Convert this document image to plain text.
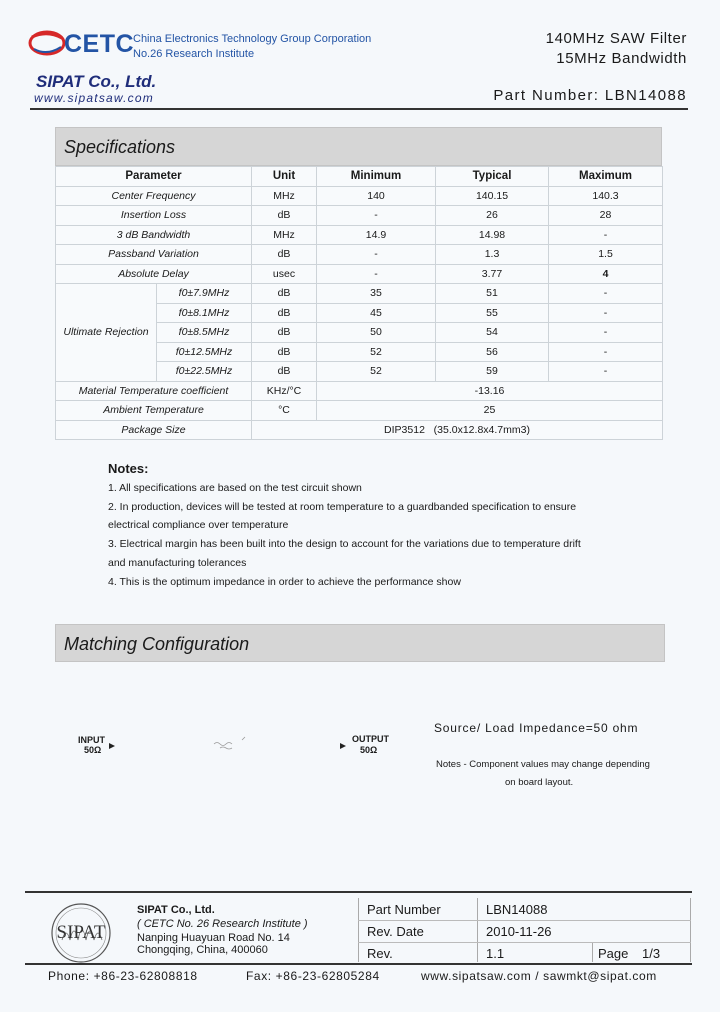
CETC
China Electronics Technology Group Corporation
No.26 Research Institute
SIPAT Co., Ltd.
www.sipatsaw.com
140MHz SAW Filter
15MHz Bandwidth
Part Number: LBN14088
Specifications
Parameter		Unit	Minimum	Typical	Maximum
Center Frequency		MHz	140	140.15	140.3
Insertion Loss		dB	-	26	28
3 dB Bandwidth		MHz	14.9	14.98	-
Passband Variation		dB	-	1.3	1.5
Absolute Delay		usec	-	3.77	4
Ultimate Rejection	f0±7.9MHz	dB	35	51	-
	f0±8.1MHz	dB	45	55	-
	f0±8.5MHz	dB	50	54	-
	f0±12.5MHz	dB	52	56	-
	f0±22.5MHz	dB	52	59	-
Material Temperature coefficient		KHz/°C	-13.16		
Ambient Temperature		°C	25		
Package Size		DIP3512   (35.0x12.8x4.7mm3)			
Notes:
1. All specifications are based on the test circuit shown
2. In production, devices will be tested at room temperature to a guardbanded specification to ensure
electrical compliance over temperature
3. Electrical margin has been built into the design to account for the variations due to temperature drift
and manufacturing tolerances
4. This is the optimum impedance in order to achieve the performance show
Matching Configuration
INPUT
50Ω
OUTPUT
50Ω
Source/ Load Impedance=50 ohm
Notes - Component values may change depending
on board layout.
SIPAT
SIPAT Co., Ltd.
( CETC No. 26 Research Institute )
Nanping Huayuan Road No. 14
Chongqing, China, 400060
Part Number	LBN14088
Rev. Date	2010-11-26
Rev.	1.1	Page 1/3
Phone: +86-23-62808818	Fax: +86-23-62805284	www.sipatsaw.com / sawmkt@sipat.com
